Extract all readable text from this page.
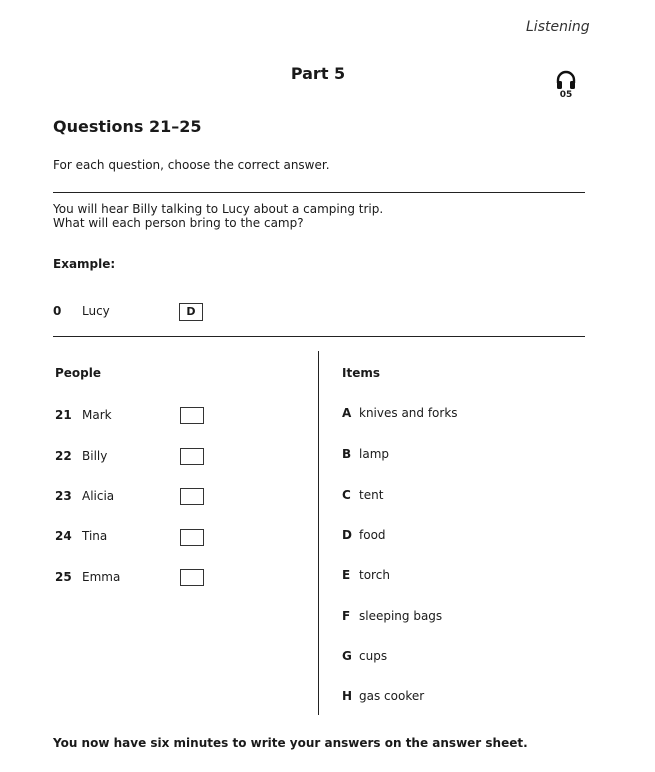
Listening
Part 5
05
Questions 21–25
For each question, choose the correct answer.
You will hear Billy talking to Lucy about a camping trip.
What will each person bring to the camp?
Example:
0 Lucy	D
People	Items
21 Mark
22 Billy
23 Alicia
24 Tina
25 Emma
A knives and forks
B lamp
C tent
D food
E torch
F sleeping bags
G cups
H gas cooker
You now have six minutes to write your answers on the answer sheet.
